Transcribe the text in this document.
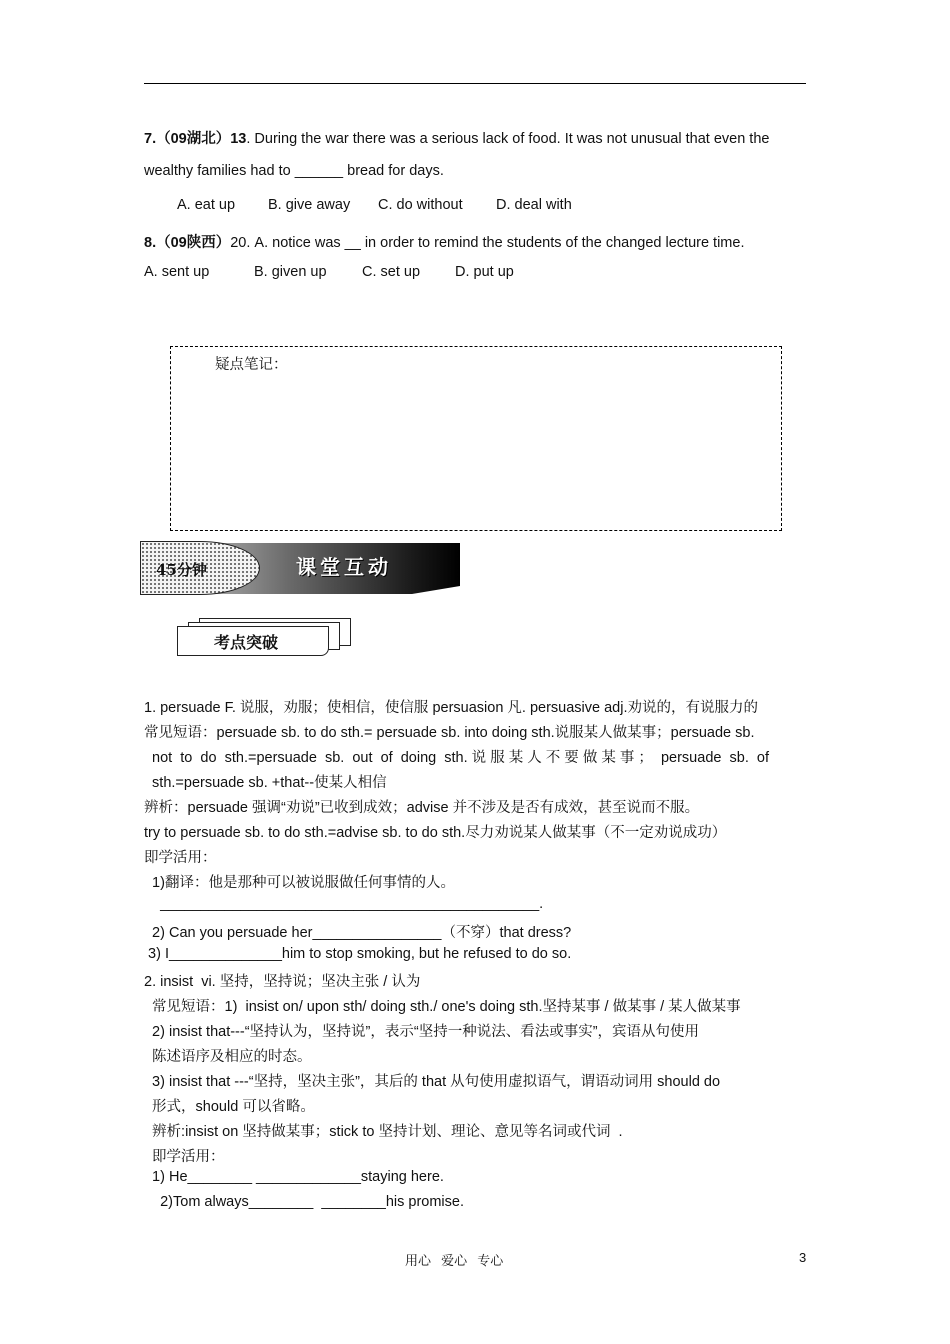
7.（09湖北）13. During the war there was a serious lack of food. It was not unusual that even the
wealthy families had to ______ bread for days.
A. eat up B. give away C. do without D. deal with
8.（09陕西）20. A. notice was __ in order to remind the students of the changed lecture time.
A. sent up	B. given up C. set up D. put up
疑点笔记：
45分钟	课堂互动
考点突破
1. persuade F. 说服，劝服；使相信，使信服 persuasion 凡. persuasive adj.劝说的，有说服力的
常见短语：persuade sb. to do sth.= persuade sb. into doing sth.说服某人做某事；persuade sb.
not  to  do  sth.=persuade  sb.  out  of  doing  sth. 说 服 某 人 不 要 做 某 事 ；  persuade  sb.  of
sth.=persuade sb. +that--使某人相信
辨析：persuade 强调“劝说”已收到成效；advise 并不涉及是否有成效，甚至说而不服。
try to persuade sb. to do sth.=advise sb. to do sth.尽力劝说某人做某事（不一定劝说成功）
即学活用：
1)翻译：他是那种可以被说服做任何事情的人。
_______________________________________________.
2) Can you persuade her________________（不穿）that dress?
3) I______________him to stop smoking, but he refused to do so.
2. insist  vi. 坚持，坚持说；坚决主张 / 认为
常见短语：1)  insist on/ upon sth/ doing sth./ one's doing sth.坚持某事 / 做某事 / 某人做某事
2) insist that---“坚持认为，坚持说”，表示“坚持一种说法、看法或事实”，宾语从句使用
陈述语序及相应的时态。
3) insist that ---“坚持，坚决主张”，其后的 that 从句使用虚拟语气，谓语动词用 should do
形式，should 可以省略。
辨析:insist on 坚持做某事；stick to 坚持计划、理论、意见等名词或代词  .
即学活用：
1) He________ _____________staying here.
2)Tom always________  ________his promise.
用心 爱心 专心	3
